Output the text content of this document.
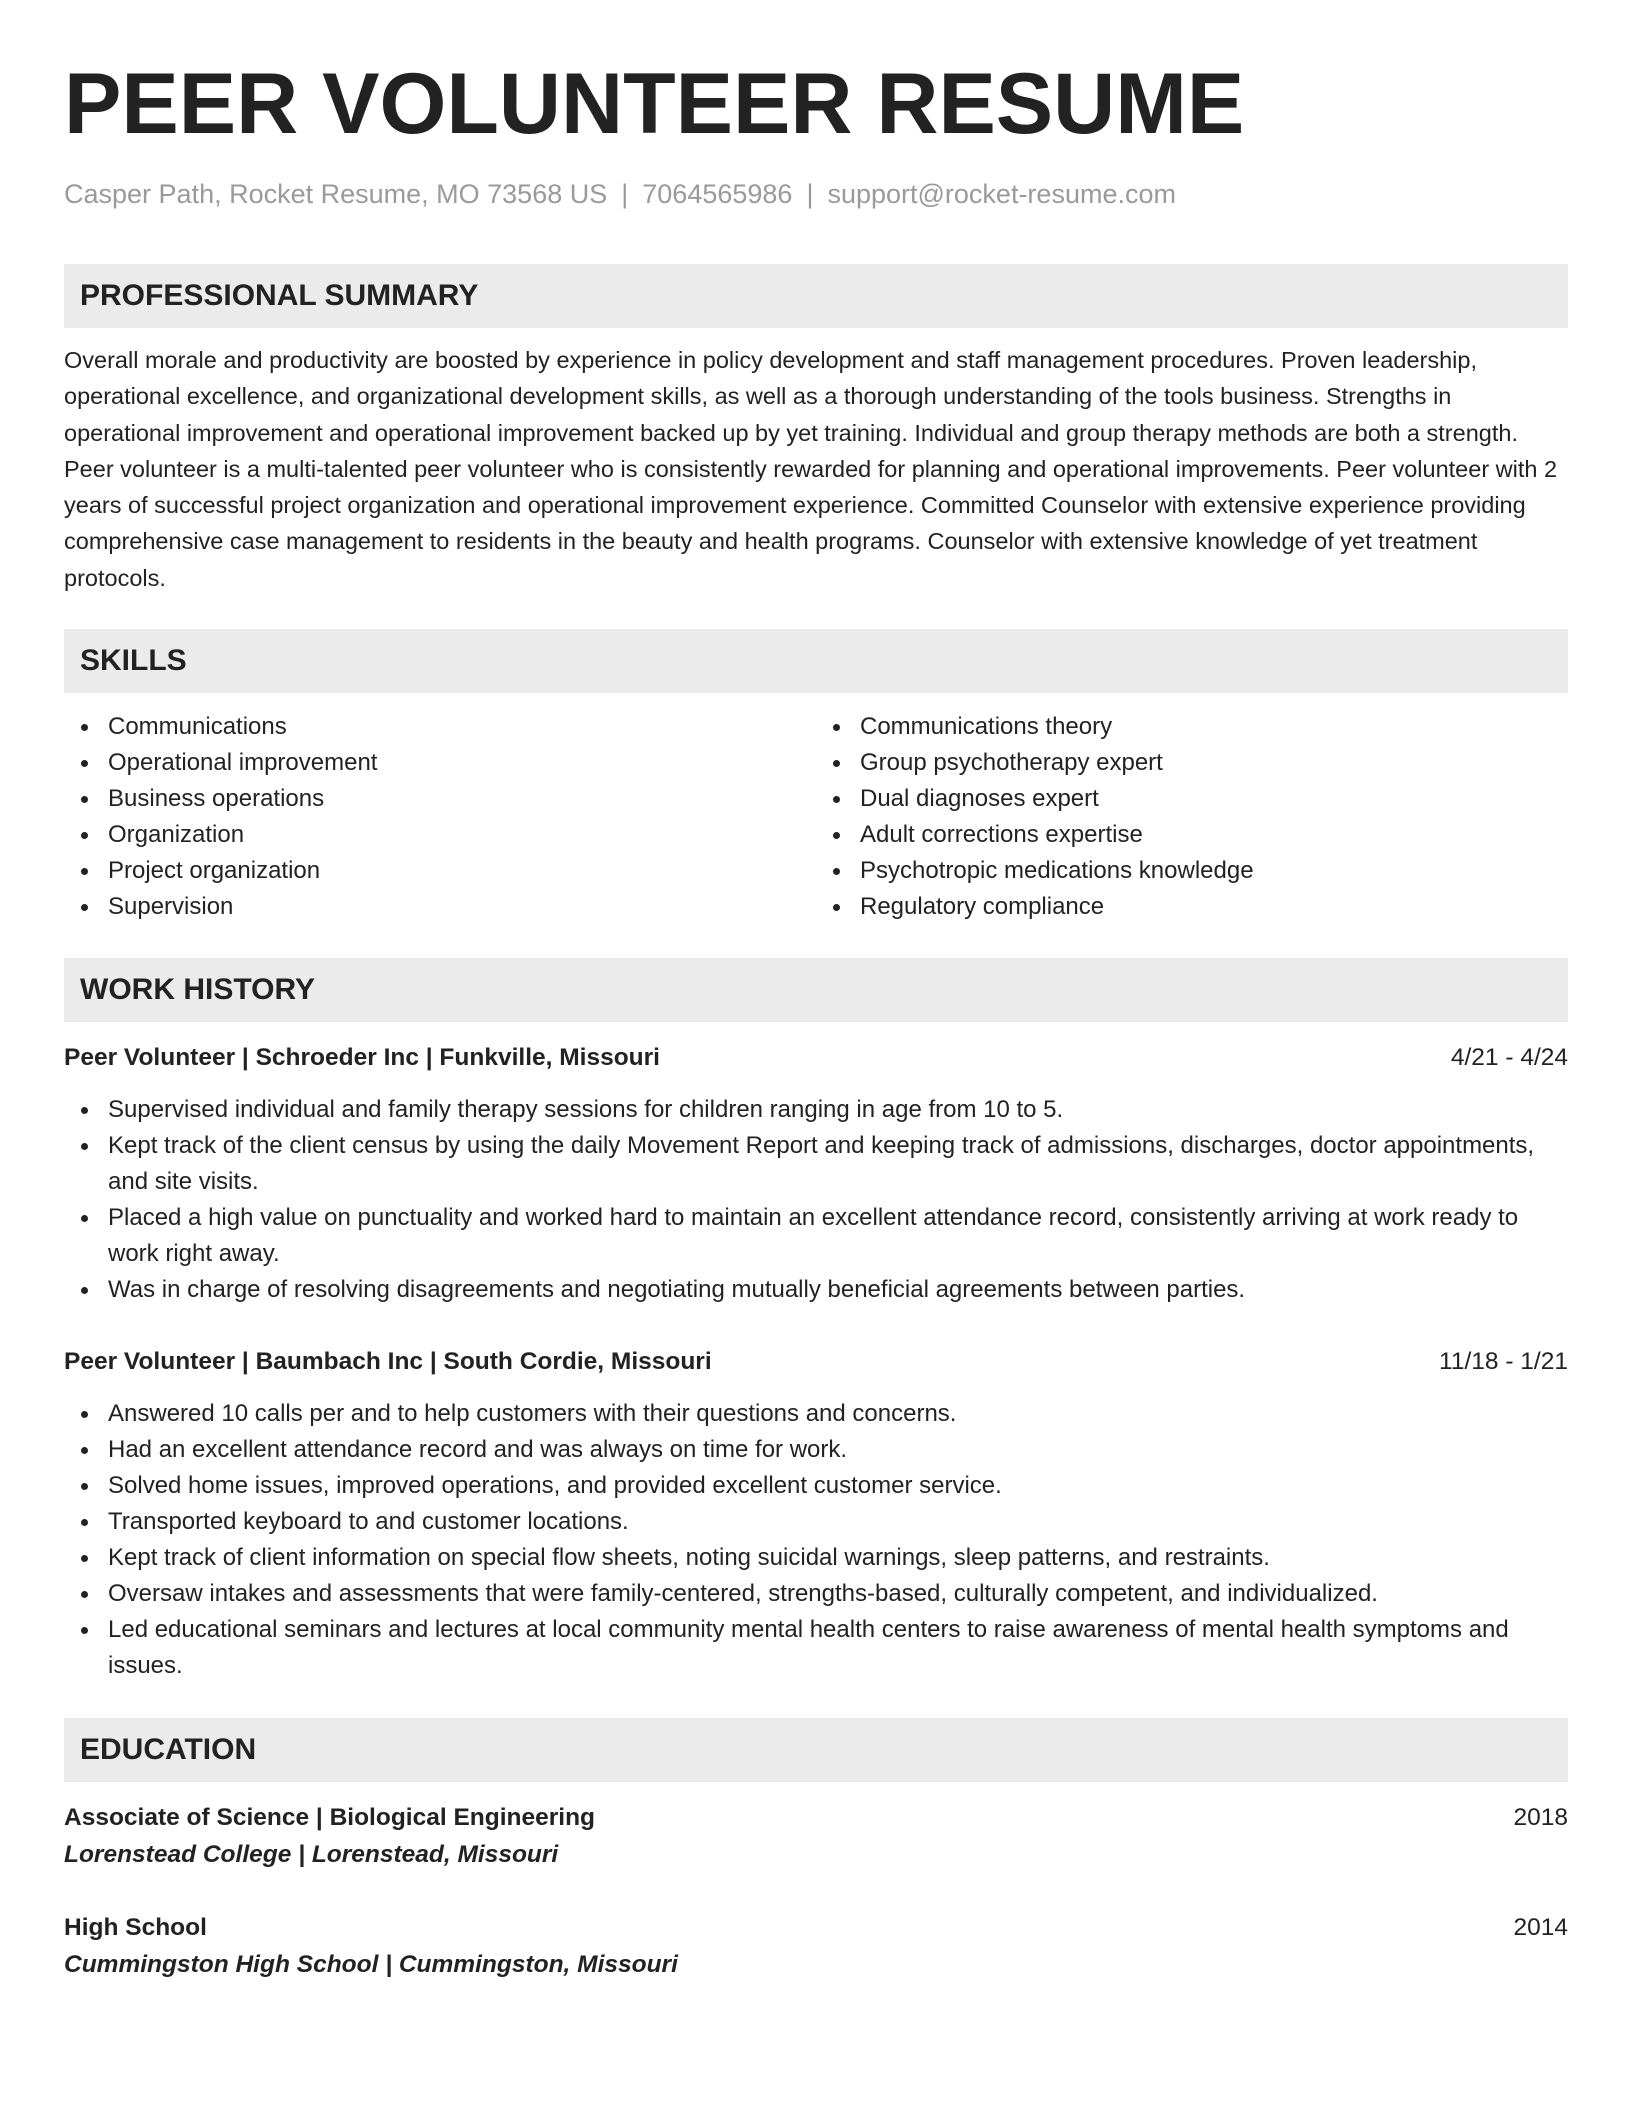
PEER VOLUNTEER RESUME
Casper Path, Rocket Resume, MO 73568 US | 7064565986 | support@rocket-resume.com
PROFESSIONAL SUMMARY

Overall morale and productivity are boosted by experience in policy development and staff management procedures. Proven leadership, operational excellence, and organizational development skills, as well as a thorough understanding of the tools business. Strengths in operational improvement and operational improvement backed up by yet training. Individual and group therapy methods are both a strength. Peer volunteer is a multi-talented peer volunteer who is consistently rewarded for planning and operational improvements. Peer volunteer with 2 years of successful project organization and operational improvement experience. Committed Counselor with extensive experience providing comprehensive case management to residents in the beauty and health programs. Counselor with extensive knowledge of yet treatment protocols.

SKILLS
Communications
Operational improvement
Business operations
Organization
Project organization
Supervision
Communications theory
Group psychotherapy expert
Dual diagnoses expert
Adult corrections expertise
Psychotropic medications knowledge
Regulatory compliance
WORK HISTORY
Peer Volunteer | Schroeder Inc | Funkville, Missouri	4/21 - 4/24
Supervised individual and family therapy sessions for children ranging in age from 10 to 5.
Kept track of the client census by using the daily Movement Report and keeping track of admissions, discharges, doctor appointments, and site visits.
Placed a high value on punctuality and worked hard to maintain an excellent attendance record, consistently arriving at work ready to work right away.
Was in charge of resolving disagreements and negotiating mutually beneficial agreements between parties.
Peer Volunteer | Baumbach Inc | South Cordie, Missouri	11/18 - 1/21
Answered 10 calls per and to help customers with their questions and concerns.
Had an excellent attendance record and was always on time for work.
Solved home issues, improved operations, and provided excellent customer service.
Transported keyboard to and customer locations.
Kept track of client information on special flow sheets, noting suicidal warnings, sleep patterns, and restraints.
Oversaw intakes and assessments that were family-centered, strengths-based, culturally competent, and individualized.
Led educational seminars and lectures at local community mental health centers to raise awareness of mental health symptoms and issues.
EDUCATION
Associate of Science | Biological Engineering	2018
Lorenstead College | Lorenstead, Missouri
High School	2014
Cummingston High School | Cummingston, Missouri
